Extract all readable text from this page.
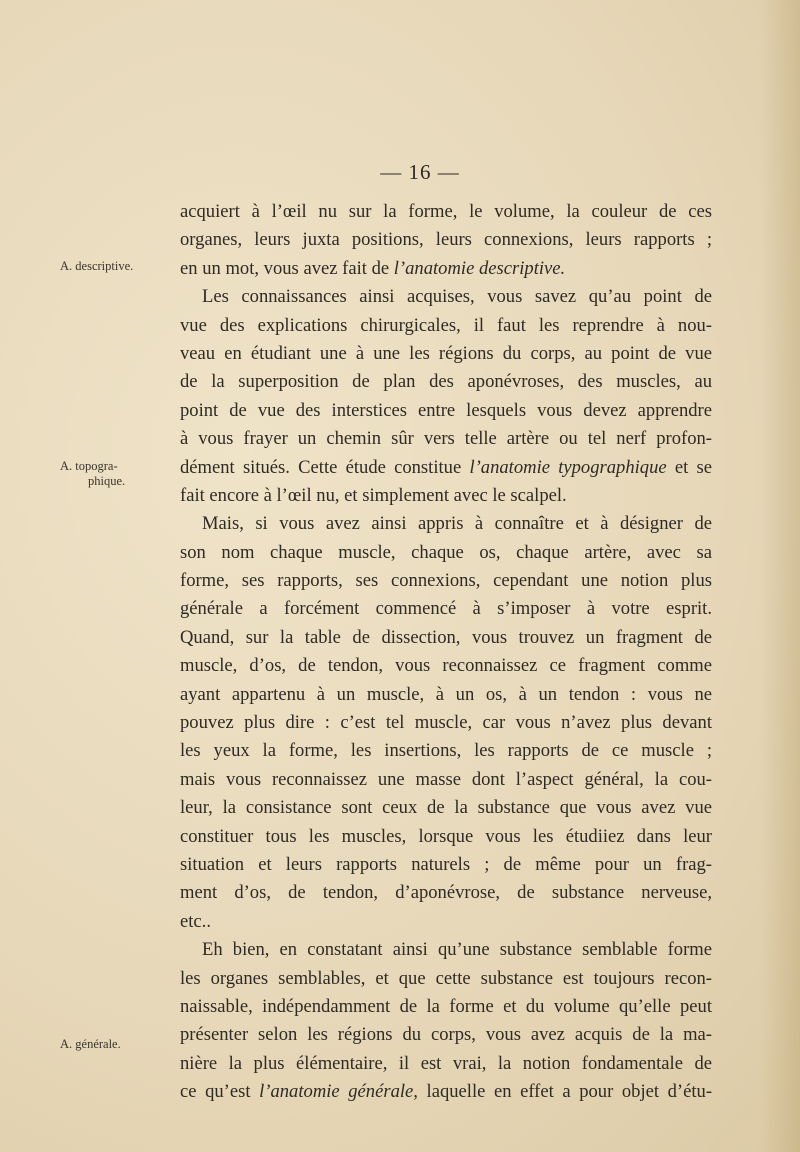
— 16 —
A. descriptive.
A. topogra-
phique.
A. générale.
acquiert à l’œil nu sur la forme, le volume, la couleur de ces
organes, leurs juxta positions, leurs connexions, leurs rapports ;
en un mot, vous avez fait de l’anatomie descriptive.
Les connaissances ainsi acquises, vous savez qu’au point de
vue des explications chirurgicales, il faut les reprendre à nou-
veau en étudiant une à une les régions du corps, au point de vue
de la superposition de plan des aponévroses, des muscles, au
point de vue des interstices entre lesquels vous devez apprendre
à vous frayer un chemin sûr vers telle artère ou tel nerf profon-
dément situés. Cette étude constitue l’anatomie typographique et se
fait encore à l’œil nu, et simplement avec le scalpel.
Mais, si vous avez ainsi appris à connaître et à désigner de
son nom chaque muscle, chaque os, chaque artère, avec sa
forme, ses rapports, ses connexions, cependant une notion plus
générale a forcément commencé à s’imposer à votre esprit.
Quand, sur la table de dissection, vous trouvez un fragment de
muscle, d’os, de tendon, vous reconnaissez ce fragment comme
ayant appartenu à un muscle, à un os, à un tendon : vous ne
pouvez plus dire : c’est tel muscle, car vous n’avez plus devant
les yeux la forme, les insertions, les rapports de ce muscle ;
mais vous reconnaissez une masse dont l’aspect général, la cou-
leur, la consistance sont ceux de la substance que vous avez vue
constituer tous les muscles, lorsque vous les étudiiez dans leur
situation et leurs rapports naturels ; de même pour un frag-
ment d’os, de tendon, d’aponévrose, de substance nerveuse,
etc..
Eh bien, en constatant ainsi qu’une substance semblable forme
les organes semblables, et que cette substance est toujours recon-
naissable, indépendamment de la forme et du volume qu’elle peut
présenter selon les régions du corps, vous avez acquis de la ma-
nière la plus élémentaire, il est vrai, la notion fondamentale de
ce qu’est l’anatomie générale, laquelle en effet a pour objet d’étu-
